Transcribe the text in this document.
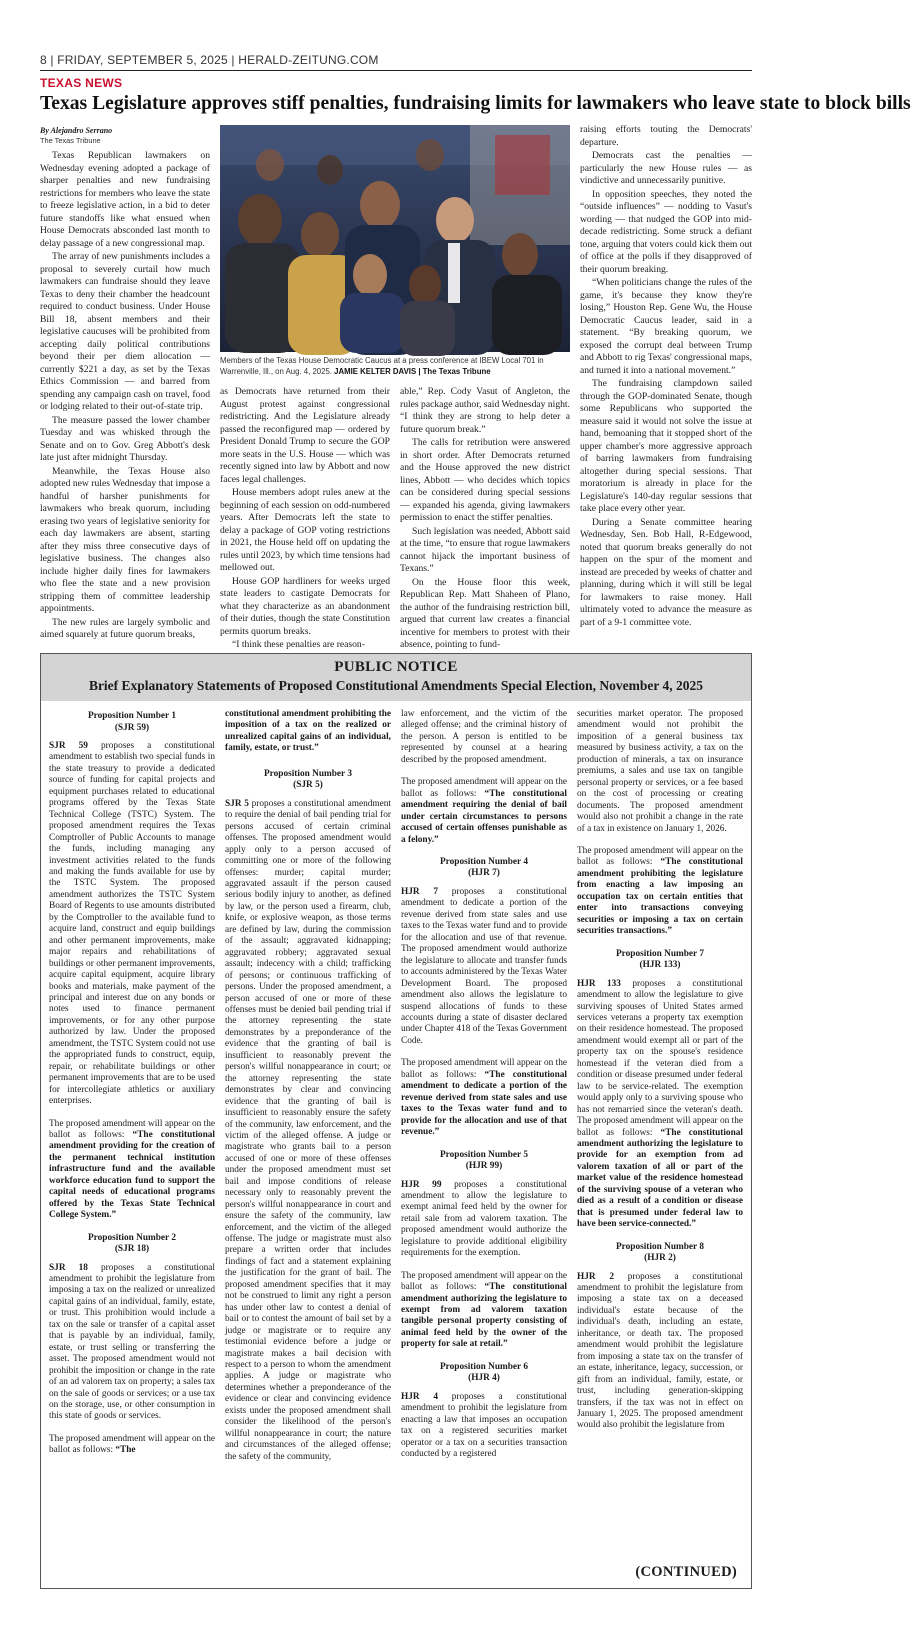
8 | FRIDAY, SEPTEMBER 5, 2025 | HERALD-ZEITUNG.COM
TEXAS NEWS
Texas Legislature approves stiff penalties, fundraising limits for lawmakers who leave state to block bills
By Alejandro Serrano
The Texas Tribune

Texas Republican lawmakers on Wednesday evening adopted a package of sharper penalties and new fundraising restrictions for members who leave the state to freeze legislative action, in a bid to deter future standoffs like what ensued when House Democrats absconded last month to delay passage of a new congressional map.

The array of new punishments includes a proposal to severely curtail how much lawmakers can fundraise should they leave Texas to deny their chamber the headcount required to conduct business. Under House Bill 18, absent members and their legislative caucuses will be prohibited from accepting daily political contributions beyond their per diem allocation — currently $221 a day, as set by the Texas Ethics Commission — and barred from spending any campaign cash on travel, food or lodging related to their out-of-state trip.

The measure passed the lower chamber Tuesday and was whisked through the Senate and on to Gov. Greg Abbott's desk late just after midnight Thursday.

Meanwhile, the Texas House also adopted new rules Wednesday that impose a handful of harsher punishments for lawmakers who break quorum, including erasing two years of legislative seniority for each day lawmakers are absent, starting after they miss three consecutive days of legislative business. The changes also include higher daily fines for lawmakers who flee the state and a new provision stripping them of committee leadership appointments.

The new rules are largely symbolic and aimed squarely at future quorum breaks,

Members of the Texas House Democratic Caucus at a press conference at IBEW Local 701 in Warrenville, Ill., on Aug. 4, 2025. JAMIE KELTER DAVIS | The Texas Tribune

as Democrats have returned from their August protest against congressional redistricting. And the Legislature already passed the reconfigured map — ordered by President Donald Trump to secure the GOP more seats in the U.S. House — which was recently signed into law by Abbott and now faces legal challenges.

House members adopt rules anew at the beginning of each session on odd-numbered years. After Democrats left the state to delay a package of GOP voting restrictions in 2021, the House held off on updating the rules until 2023, by which time tensions had mellowed out.

House GOP hardliners for weeks urged state leaders to castigate Democrats for what they characterize as an abandonment of their duties, though the state Constitution permits quorum breaks.

“I think these penalties are reason-

able,” Rep. Cody Vasut of Angleton, the rules package author, said Wednesday night. “I think they are strong to help deter a future quorum break.”

The calls for retribution were answered in short order. After Democrats returned and the House approved the new district lines, Abbott — who decides which topics can be considered during special sessions — expanded his agenda, giving lawmakers permission to enact the stiffer penalties.

Such legislation was needed, Abbott said at the time, “to ensure that rogue lawmakers cannot hijack the important business of Texans.”

On the House floor this week, Republican Rep. Matt Shaheen of Plano, the author of the fundraising restriction bill, argued that current law creates a financial incentive for members to protest with their absence, pointing to fund-

raising efforts touting the Democrats' departure.

Democrats cast the penalties — particularly the new House rules — as vindictive and unnecessarily punitive.

In opposition speeches, they noted the “outside influences” — nodding to Vasut's wording — that nudged the GOP into mid-decade redistricting. Some struck a defiant tone, arguing that voters could kick them out of office at the polls if they disapproved of their quorum breaking.

“When politicians change the rules of the game, it's because they know they're losing,” Houston Rep. Gene Wu, the House Democratic Caucus leader, said in a statement. “By breaking quorum, we exposed the corrupt deal between Trump and Abbott to rig Texas' congressional maps, and turned it into a national movement.”

The fundraising clampdown sailed through the GOP-dominated Senate, though some Republicans who supported the measure said it would not solve the issue at hand, bemoaning that it stopped short of the upper chamber's more aggressive approach of barring lawmakers from fundraising altogether during special sessions. That moratorium is already in place for the Legislature's 140-day regular sessions that take place every other year.

During a Senate committee hearing Wednesday, Sen. Bob Hall, R-Edgewood, noted that quorum breaks generally do not happen on the spur of the moment and instead are preceded by weeks of chatter and planning, during which it will still be legal for lawmakers to raise money. Hall ultimately voted to advance the measure as part of a 9-1 committee vote.

PUBLIC NOTICE
Brief Explanatory Statements of Proposed Constitutional Amendments Special Election, November 4, 2025
Proposition Number 1
(SJR 59)

SJR 59 proposes a constitutional amendment to establish two special funds in the state treasury to provide a dedicated source of funding for capital projects and equipment purchases related to educational programs offered by the Texas State Technical College (TSTC) System. The proposed amendment requires the Texas Comptroller of Public Accounts to manage the funds, including managing any investment activities related to the funds and making the funds available for use by the TSTC System. The proposed amendment authorizes the TSTC System Board of Regents to use amounts distributed by the Comptroller to the available fund to acquire land, construct and equip buildings and other permanent improvements, make major repairs and rehabilitations of buildings or other permanent improvements, acquire capital equipment, acquire library books and materials, make payment of the principal and interest due on any bonds or notes used to finance permanent improvements, or for any other purpose authorized by law. Under the proposed amendment, the TSTC System could not use the appropriated funds to construct, equip, repair, or rehabilitate buildings or other permanent improvements that are to be used for intercollegiate athletics or auxiliary enterprises.

The proposed amendment will appear on the ballot as follows: “The constitutional amendment providing for the creation of the permanent technical institution infrastructure fund and the available workforce education fund to support the capital needs of educational programs offered by the Texas State Technical College System.”

Proposition Number 2
(SJR 18)

SJR 18 proposes a constitutional amendment to prohibit the legislature from imposing a tax on the realized or unrealized capital gains of an individual, family, estate, or trust. This prohibition would include a tax on the sale or transfer of a capital asset that is payable by an individual, family, estate, or trust selling or transferring the asset. The proposed amendment would not prohibit the imposition or change in the rate of an ad valorem tax on property; a sales tax on the sale of goods or services; or a use tax on the storage, use, or other consumption in this state of goods or services.

The proposed amendment will appear on the ballot as follows: “The

constitutional amendment prohibiting the imposition of a tax on the realized or unrealized capital gains of an individual, family, estate, or trust.”

Proposition Number 3
(SJR 5)

SJR 5 proposes a constitutional amendment to require the denial of bail pending trial for persons accused of certain criminal offenses. The proposed amendment would apply only to a person accused of committing one or more of the following offenses: murder; capital murder; aggravated assault if the person caused serious bodily injury to another, as defined by law, or the person used a firearm, club, knife, or explosive weapon, as those terms are defined by law, during the commission of the assault; aggravated kidnapping; aggravated robbery; aggravated sexual assault; indecency with a child; trafficking of persons; or continuous trafficking of persons. Under the proposed amendment, a person accused of one or more of these offenses must be denied bail pending trial if the attorney representing the state demonstrates by a preponderance of the evidence that the granting of bail is insufficient to reasonably prevent the person's willful nonappearance in court; or the attorney representing the state demonstrates by clear and convincing evidence that the granting of bail is insufficient to reasonably ensure the safety of the community, law enforcement, and the victim of the alleged offense. A judge or magistrate who grants bail to a person accused of one or more of these offenses under the proposed amendment must set bail and impose conditions of release necessary only to reasonably prevent the person's willful nonappearance in court and ensure the safety of the community, law enforcement, and the victim of the alleged offense. The judge or magistrate must also prepare a written order that includes findings of fact and a statement explaining the justification for the grant of bail. The proposed amendment specifies that it may not be construed to limit any right a person has under other law to contest a denial of bail or to contest the amount of bail set by a judge or magistrate or to require any testimonial evidence before a judge or magistrate makes a bail decision with respect to a person to whom the amendment applies. A judge or magistrate who determines whether a preponderance of the evidence or clear and convincing evidence exists under the proposed amendment shall consider the likelihood of the person's willful nonappearance in court; the nature and circumstances of the alleged offense; the safety of the community,

law enforcement, and the victim of the alleged offense; and the criminal history of the person. A person is entitled to be represented by counsel at a hearing described by the proposed amendment.

The proposed amendment will appear on the ballot as follows: “The constitutional amendment requiring the denial of bail under certain circumstances to persons accused of certain offenses punishable as a felony.”

Proposition Number 4
(HJR 7)

HJR 7 proposes a constitutional amendment to dedicate a portion of the revenue derived from state sales and use taxes to the Texas water fund and to provide for the allocation and use of that revenue. The proposed amendment would authorize the legislature to allocate and transfer funds to accounts administered by the Texas Water Development Board. The proposed amendment also allows the legislature to suspend allocations of funds to these accounts during a state of disaster declared under Chapter 418 of the Texas Government Code.

The proposed amendment will appear on the ballot as follows: “The constitutional amendment to dedicate a portion of the revenue derived from state sales and use taxes to the Texas water fund and to provide for the allocation and use of that revenue.”

Proposition Number 5
(HJR 99)

HJR 99 proposes a constitutional amendment to allow the legislature to exempt animal feed held by the owner for retail sale from ad valorem taxation. The proposed amendment would authorize the legislature to provide additional eligibility requirements for the exemption.

The proposed amendment will appear on the ballot as follows: “The constitutional amendment authorizing the legislature to exempt from ad valorem taxation tangible personal property consisting of animal feed held by the owner of the property for sale at retail.”

Proposition Number 6
(HJR 4)

HJR 4 proposes a constitutional amendment to prohibit the legislature from enacting a law that imposes an occupation tax on a registered securities market operator or a tax on a securities transaction conducted by a registered

securities market operator. The proposed amendment would not prohibit the imposition of a general business tax measured by business activity, a tax on the production of minerals, a tax on insurance premiums, a sales and use tax on tangible personal property or services, or a fee based on the cost of processing or creating documents. The proposed amendment would also not prohibit a change in the rate of a tax in existence on January 1, 2026.

The proposed amendment will appear on the ballot as follows: “The constitutional amendment prohibiting the legislature from enacting a law imposing an occupation tax on certain entities that enter into transactions conveying securities or imposing a tax on certain securities transactions.”

Proposition Number 7
(HJR 133)

HJR 133 proposes a constitutional amendment to allow the legislature to give surviving spouses of United States armed services veterans a property tax exemption on their residence homestead. The proposed amendment would exempt all or part of the property tax on the spouse's residence homestead if the veteran died from a condition or disease presumed under federal law to be service-related. The exemption would apply only to a surviving spouse who has not remarried since the veteran's death. The proposed amendment will appear on the ballot as follows: “The constitutional amendment authorizing the legislature to provide for an exemption from ad valorem taxation of all or part of the market value of the residence homestead of the surviving spouse of a veteran who died as a result of a condition or disease that is presumed under federal law to have been service-connected.”

Proposition Number 8
(HJR 2)

HJR 2 proposes a constitutional amendment to prohibit the legislature from imposing a state tax on a deceased individual's estate because of the individual's death, including an estate, inheritance, or death tax. The proposed amendment would prohibit the legislature from imposing a state tax on the transfer of an estate, inheritance, legacy, succession, or gift from an individual, family, estate, or trust, including generation-skipping transfers, if the tax was not in effect on January 1, 2025. The proposed amendment would also prohibit the legislature from

(CONTINUED)
